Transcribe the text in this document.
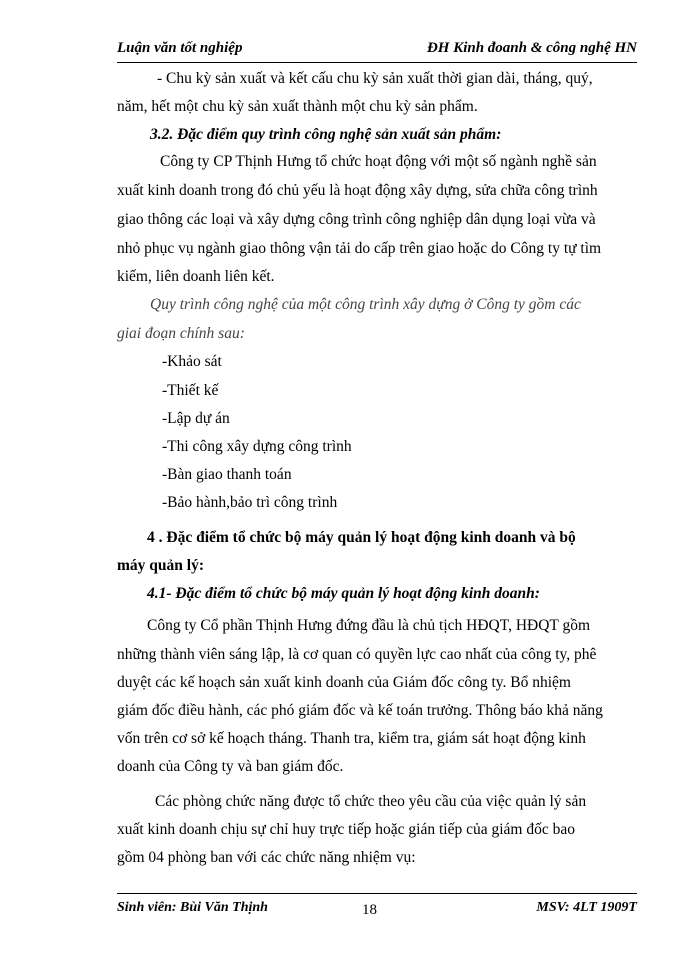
Luận văn tốt nghiệp	ĐH Kinh đoanh & công nghệ HN
- Chu kỳ sản xuất và kết cấu chu kỳ sản xuất thời gian dài, tháng, quý,
năm, hết một chu kỳ sản xuất thành một chu kỳ sản phẩm.
3.2. Đặc điểm quy trình công nghệ sản xuất sản phẩm:
Công ty CP Thịnh Hưng tổ chức hoạt động với một số ngành nghề sản
xuất kinh doanh trong đó chủ yếu là hoạt động xây dựng, sửa chữa công trình
giao thông các loại và xây dựng công trình công nghiệp dân dụng loại vừa và
nhỏ phục vụ ngành giao thông vận tải do cấp trên giao hoặc do Công ty tự tìm
kiếm, liên doanh liên kết.
Quy trình công nghệ của một công trình xây dựng ở Công ty gồm các
giai đoạn chính sau:
-Khảo sát
-Thiết kế
-Lập dự án
-Thi công xây dựng công trình
-Bàn giao thanh toán
-Bảo hành,bảo trì công trình
4 . Đặc điểm tổ chức bộ máy quản lý hoạt động kinh doanh và bộ
máy quản lý:
4.1- Đặc điểm tổ chức bộ máy quản lý hoạt động kinh doanh:
Công ty Cổ phần Thịnh Hưng đứng đầu là chủ tịch HĐQT, HĐQT gồm
những thành viên sáng lập, là cơ quan có quyền lực cao nhất của công ty, phê
duyệt các kế hoạch sản xuất kinh doanh của Giám đốc công ty. Bổ nhiệm
giám đốc điều hành, các phó giám đốc và kế toán trưởng. Thông báo khả năng
vốn trên cơ sở kế hoạch tháng. Thanh tra, kiểm tra, giám sát hoạt động kinh
doanh của Công ty và ban giám đốc.
Các phòng chức năng được tổ chức theo yêu cầu của việc quản lý sản
xuất kinh doanh chịu sự chỉ huy trực tiếp hoặc gián tiếp của giám đốc bao
gồm 04 phòng ban với các chức năng nhiệm vụ:
Sinh viên: Bùi Văn Thịnh	18	MSV: 4LT 1909T
